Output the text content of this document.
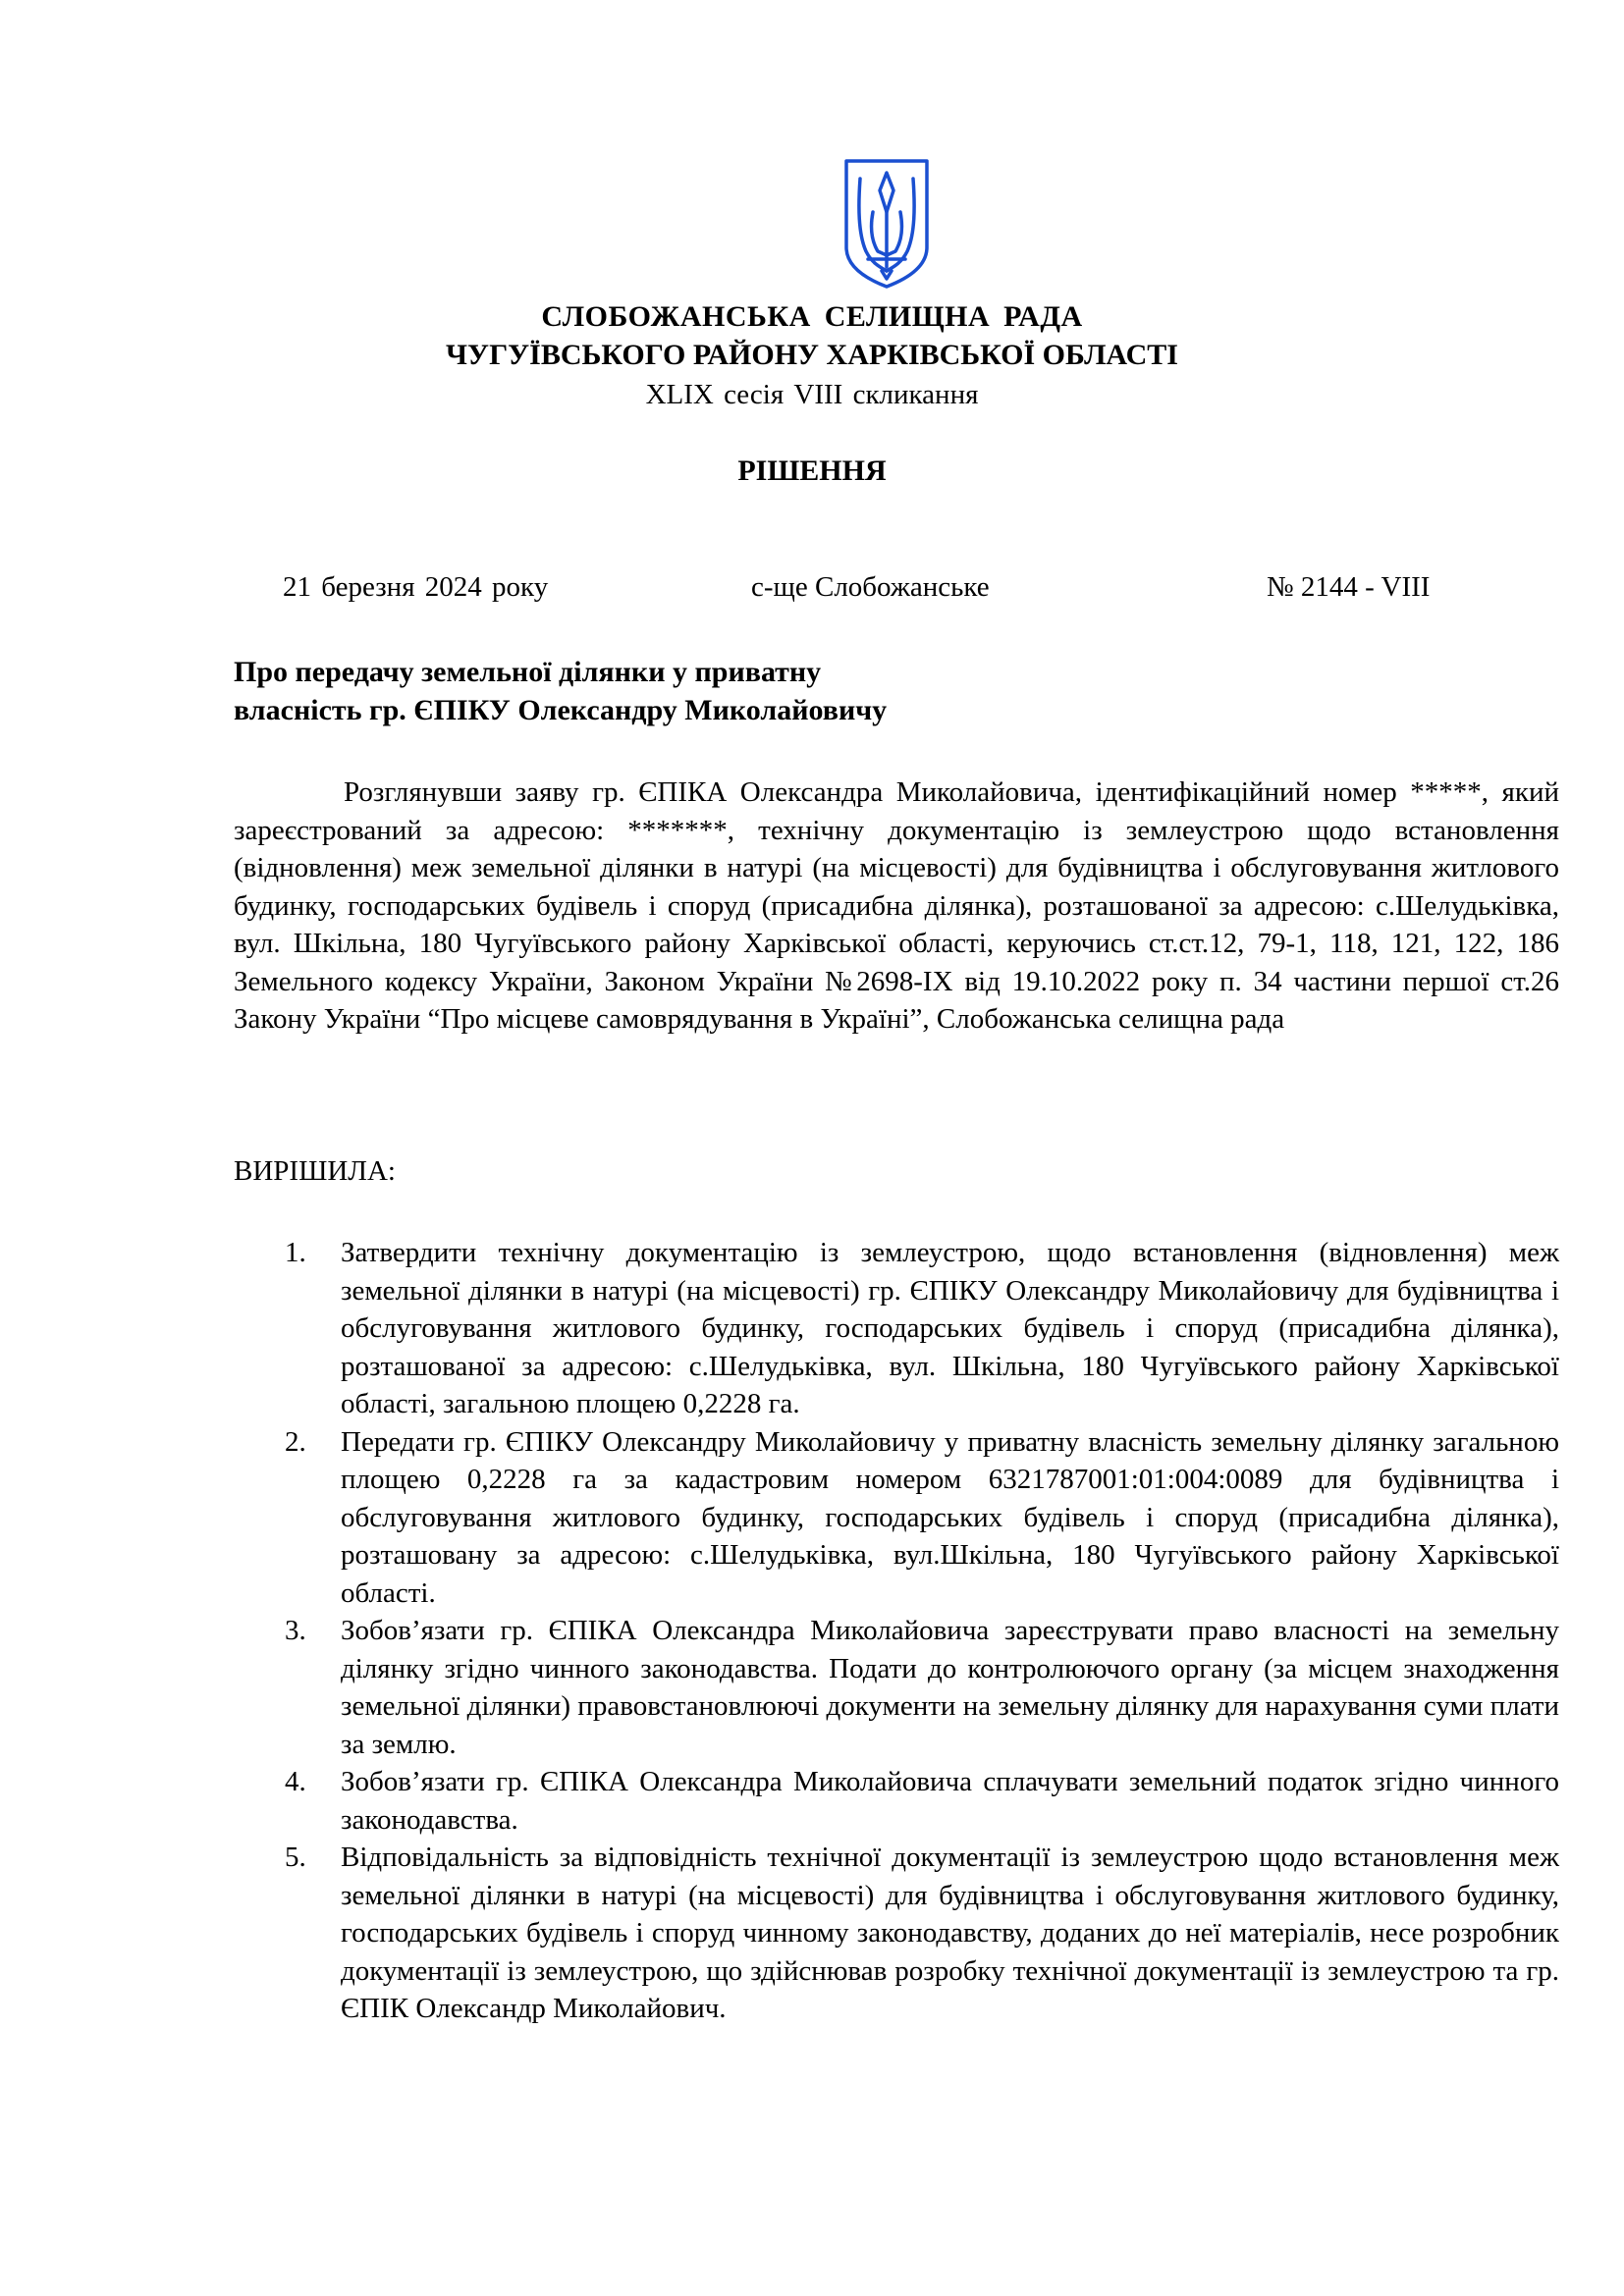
СЛОБОЖАНСЬКА СЕЛИЩНА РАДА
ЧУГУЇВСЬКОГО РАЙОНУ ХАРКІВСЬКОЇ ОБЛАСТІ
XLIX сесія VIII скликання
РІШЕННЯ
21 березня 2024 року	с-ще Слобожанське	№ 2144 - VIII
Про передачу земельної ділянки у приватну
власність гр. ЄПІКУ Олександру Миколайовичу

Розглянувши заяву гр. ЄПІКА Олександра Миколайовича, ідентифікаційний номер *****, який зареєстрований за адресою: *******, технічну документацію із землеустрою щодо встановлення (відновлення) меж земельної ділянки в натурі (на місцевості) для будівництва і обслуговування житлового будинку, господарських будівель і споруд (присадибна ділянка), розташованої за адресою: с.Шелудьківка, вул. Шкільна, 180 Чугуївського району Харківської області, керуючись ст.ст.12, 79-1, 118, 121, 122, 186 Земельного кодексу України, Законом України №2698-ІХ від 19.10.2022 року п. 34 частини першої ст.26 Закону України “Про місцеве самоврядування в Україні”, Слобожанська селищна рада

ВИРІШИЛА:
1. Затвердити технічну документацію із землеустрою, щодо встановлення (відновлення) меж земельної ділянки в натурі (на місцевості) гр. ЄПІКУ Олександру Миколайовичу для будівництва і обслуговування житлового будинку, господарських будівель і споруд (присадибна ділянка), розташованої за адресою: с.Шелудьківка, вул. Шкільна, 180 Чугуївського району Харківської області, загальною площею 0,2228 га.
2. Передати гр. ЄПІКУ Олександру Миколайовичу у приватну власність земельну ділянку загальною площею 0,2228 га за кадастровим номером 6321787001:01:004:0089 для будівництва і обслуговування житлового будинку, господарських будівель і споруд (присадибна ділянка), розташовану за адресою: с.Шелудьківка, вул.Шкільна, 180 Чугуївського району Харківської області.
3. Зобов’язати гр. ЄПІКА Олександра Миколайовича зареєструвати право власності на земельну ділянку згідно чинного законодавства. Подати до контролюючого органу (за місцем знаходження земельної ділянки) правовстановлюючі документи на земельну ділянку для нарахування суми плати за землю.
4. Зобов’язати гр. ЄПІКА Олександра Миколайовича сплачувати земельний податок згідно чинного законодавства.
5. Відповідальність за відповідність технічної документації із землеустрою щодо встановлення меж земельної ділянки в натурі (на місцевості) для будівництва і обслуговування житлового будинку, господарських будівель і споруд чинному законодавству, доданих до неї матеріалів, несе розробник документації із землеустрою, що здійснював розробку технічної документації із землеустрою та гр. ЄПІК Олександр Миколайович.
